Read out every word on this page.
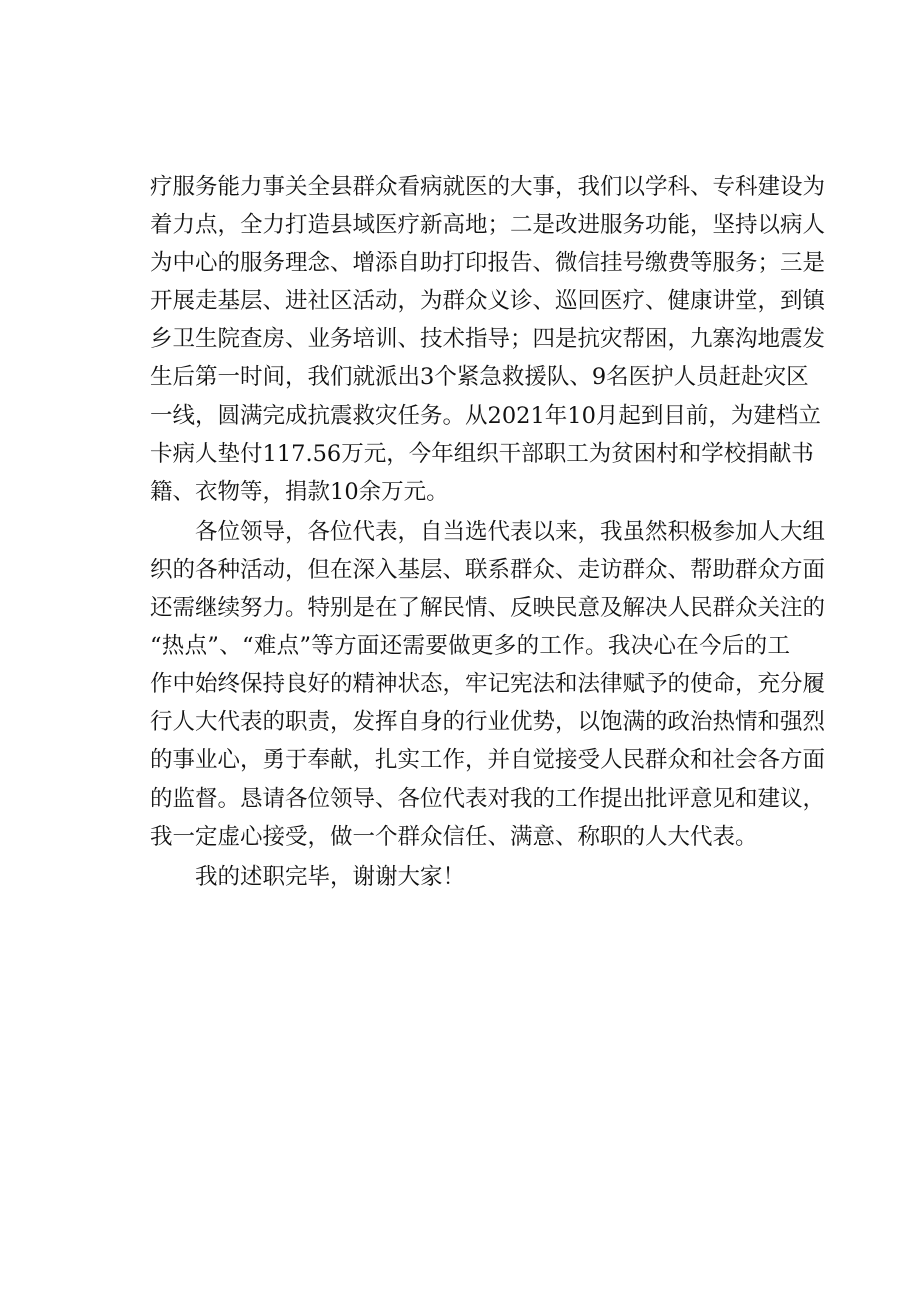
疗服务能力事关全县群众看病就医的大事，我们以学科、专科建设为
着力点，全力打造县域医疗新高地；二是改进服务功能，坚持以病人
为中心的服务理念、增添自助打印报告、微信挂号缴费等服务；三是
开展走基层、进社区活动，为群众义诊、巡回医疗、健康讲堂，到镇
乡卫生院查房、业务培训、技术指导；四是抗灾帮困，九寨沟地震发
生后第一时间，我们就派出3个紧急救援队、9名医护人员赶赴灾区
一线，圆满完成抗震救灾任务。从2021年10月起到目前，为建档立
卡病人垫付117.56万元，今年组织干部职工为贫困村和学校捐献书
籍、衣物等，捐款10余万元。
各位领导，各位代表，自当选代表以来，我虽然积极参加人大组
织的各种活动，但在深入基层、联系群众、走访群众、帮助群众方面
还需继续努力。特别是在了解民情、反映民意及解决人民群众关注的
“热点”、“难点”等方面还需要做更多的工作。我决心在今后的工
作中始终保持良好的精神状态，牢记宪法和法律赋予的使命，充分履
行人大代表的职责，发挥自身的行业优势，以饱满的政治热情和强烈
的事业心，勇于奉献，扎实工作，并自觉接受人民群众和社会各方面
的监督。恳请各位领导、各位代表对我的工作提出批评意见和建议，
我一定虚心接受，做一个群众信任、满意、称职的人大代表。
我的述职完毕，谢谢大家！
